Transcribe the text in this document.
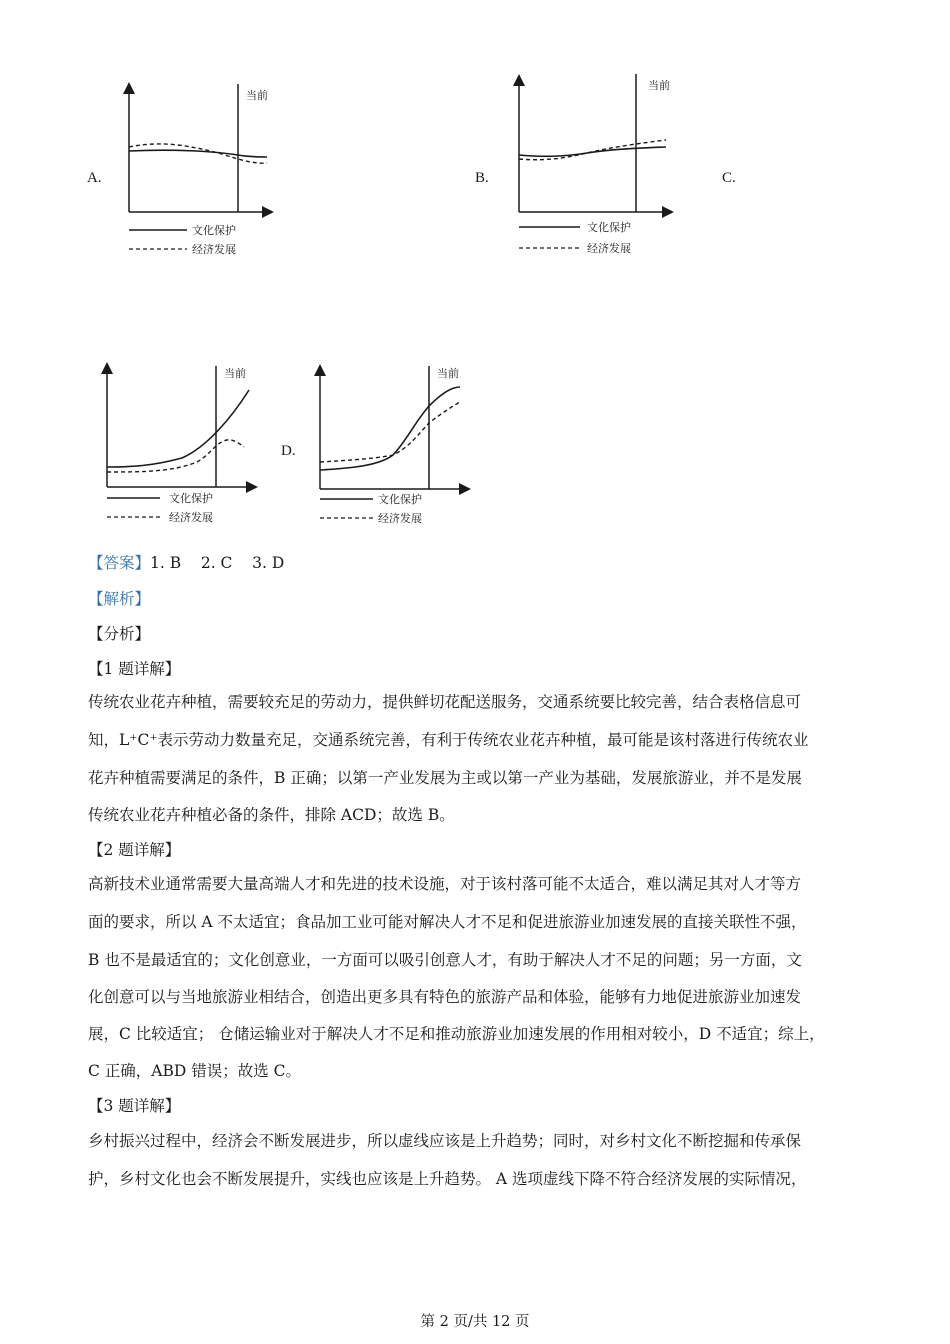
A.	B.	C.
D.
当前
文化保护
经济发展
当前
文化保护
经济发展
当前
文化保护
经济发展
当前
文化保护
经济发展
【答案】1. B    2. C    3. D
【解析】
【分析】
【1 题详解】
传统农业花卉种植，需要较充足的劳动力，提供鲜切花配送服务，交通系统要比较完善，结合表格信息可
知，L⁺C⁺表示劳动力数量充足，交通系统完善，有利于传统农业花卉种植，最可能是该村落进行传统农业
花卉种植需要满足的条件，B 正确；以第一产业发展为主或以第一产业为基础，发展旅游业，并不是发展
传统农业花卉种植必备的条件，排除 ACD；故选 B。
【2 题详解】
高新技术业通常需要大量高端人才和先进的技术设施，对于该村落可能不太适合，难以满足其对人才等方
面的要求，所以 A 不太适宜；食品加工业可能对解决人才不足和促进旅游业加速发展的直接关联性不强，
B 也不是最适宜的；文化创意业，一方面可以吸引创意人才，有助于解决人才不足的问题；另一方面，文
化创意可以与当地旅游业相结合，创造出更多具有特色的旅游产品和体验，能够有力地促进旅游业加速发
展，C 比较适宜； 仓储运输业对于解决人才不足和推动旅游业加速发展的作用相对较小，D 不适宜；综上，
C 正确，ABD 错误；故选 C。
【3 题详解】
乡村振兴过程中，经济会不断发展进步，所以虚线应该是上升趋势；同时，对乡村文化不断挖掘和传承保
护，乡村文化也会不断发展提升，实线也应该是上升趋势。 A 选项虚线下降不符合经济发展的实际情况，
第 2 页/共 12 页
